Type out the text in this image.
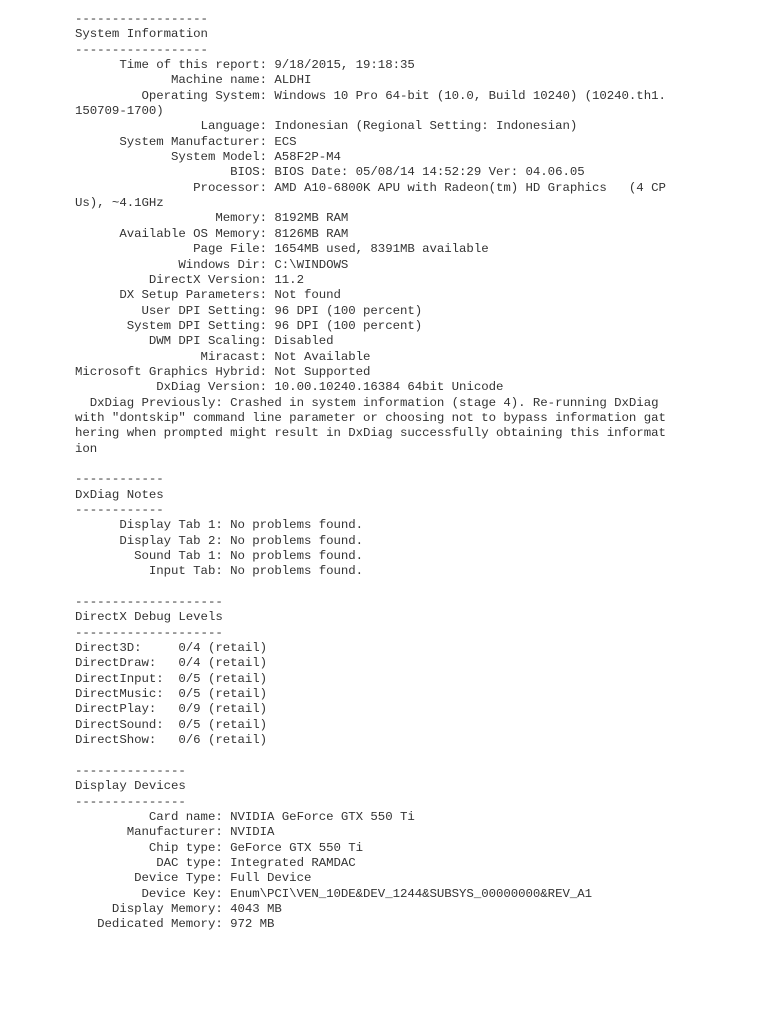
------------------
System Information
------------------
Time of this report: 9/18/2015, 19:18:35
Machine name: ALDHI
Operating System: Windows 10 Pro 64-bit (10.0, Build 10240) (10240.th1.
150709-1700)
Language: Indonesian (Regional Setting: Indonesian)
System Manufacturer: ECS
System Model: A58F2P-M4
BIOS: BIOS Date: 05/08/14 14:52:29 Ver: 04.06.05
Processor: AMD A10-6800K APU with Radeon(tm) HD Graphics   (4 CP
Us), ~4.1GHz
Memory: 8192MB RAM
Available OS Memory: 8126MB RAM
Page File: 1654MB used, 8391MB available
Windows Dir: C:\WINDOWS
DirectX Version: 11.2
DX Setup Parameters: Not found
User DPI Setting: 96 DPI (100 percent)
System DPI Setting: 96 DPI (100 percent)
DWM DPI Scaling: Disabled
Miracast: Not Available
Microsoft Graphics Hybrid: Not Supported
DxDiag Version: 10.00.10240.16384 64bit Unicode
DxDiag Previously: Crashed in system information (stage 4). Re-running DxDiag
with "dontskip" command line parameter or choosing not to bypass information gat
hering when prompted might result in DxDiag successfully obtaining this informat
ion
------------
DxDiag Notes
------------
Display Tab 1: No problems found.
Display Tab 2: No problems found.
Sound Tab 1: No problems found.
Input Tab: No problems found.
--------------------
DirectX Debug Levels
--------------------
Direct3D:     0/4 (retail)
DirectDraw:   0/4 (retail)
DirectInput:  0/5 (retail)
DirectMusic:  0/5 (retail)
DirectPlay:   0/9 (retail)
DirectSound:  0/5 (retail)
DirectShow:   0/6 (retail)
---------------
Display Devices
---------------
Card name: NVIDIA GeForce GTX 550 Ti
Manufacturer: NVIDIA
Chip type: GeForce GTX 550 Ti
DAC type: Integrated RAMDAC
Device Type: Full Device
Device Key: Enum\PCI\VEN_10DE&DEV_1244&SUBSYS_00000000&REV_A1
Display Memory: 4043 MB
Dedicated Memory: 972 MB
